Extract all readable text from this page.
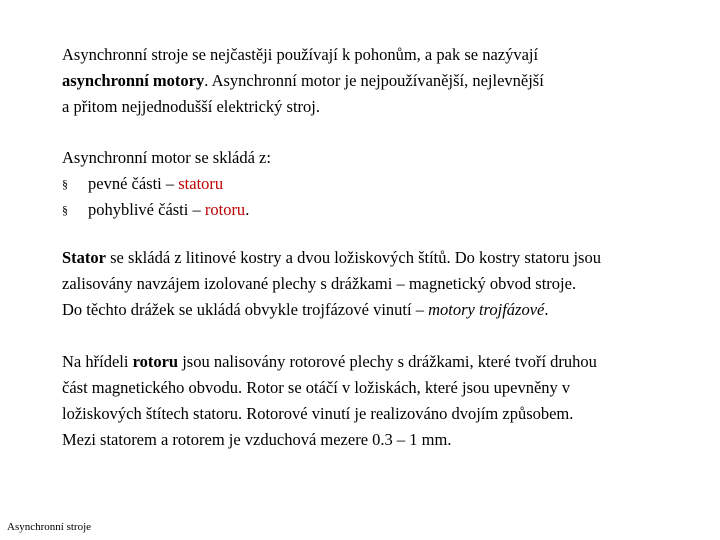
Asynchronní stroje se nejčastěji používají k pohonům, a pak se nazývají
asynchronní motory. Asynchronní motor je nejpoužívanější, nejlevnější
a přitom nejjednodušší elektrický stroj.

Asynchronní motor se skládá z:

§ pevné části – statoru
§ pohyblivé části – rotoru.

Stator se skládá z litinové kostry a dvou ložiskových štítů. Do kostry statoru jsou
zalisovány navzájem izolované plechy s drážkami – magnetický obvod stroje.
Do těchto drážek se ukládá obvykle trojfázové vinutí – motory trojfázové.

Na hřídeli rotoru jsou nalisovány rotorové plechy s drážkami, které tvoří druhou
část magnetického obvodu. Rotor se otáčí v ložiskách, které jsou upevněny v
ložiskových štítech statoru. Rotorové vinutí je realizováno dvojím způsobem.
Mezi statorem a rotorem je vzduchová mezere 0.3 – 1 mm.

Asynchronní stroje
